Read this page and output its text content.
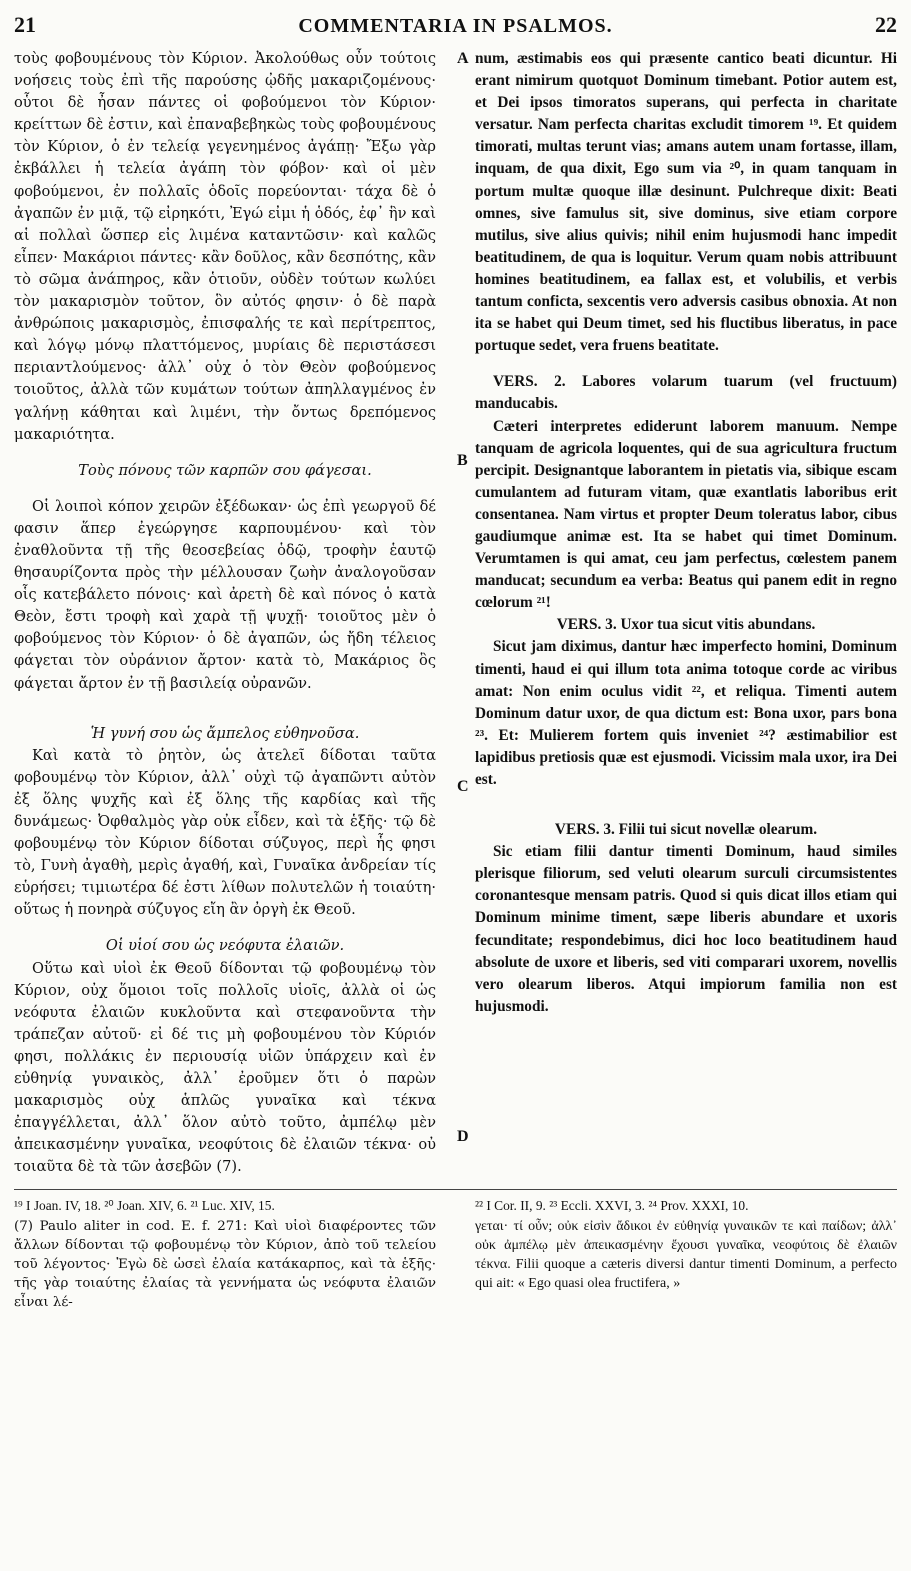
21	COMMENTARIA IN PSALMOS.	22
A
B
C
D

τοὺς φοβουμένους τὸν Κύριον. Ἀκολούθως οὖν τούτοις νοήσεις τοὺς ἐπὶ τῆς παρούσης ᾠδῆς μακαριζομένους· οὗτοι δὲ ἦσαν πάντες οἱ φοβούμενοι τὸν Κύριον· κρείττων δὲ ἐστιν, καὶ ἐπαναβεβηκὼς τοὺς φοβουμένους τὸν Κύριον, ὁ ἐν τελείᾳ γεγενημένος ἀγάπῃ· Ἔξω γὰρ ἐκβάλλει ἡ τελεία ἀγάπη τὸν φόβον· καὶ οἱ μὲν φοβούμενοι, ἐν πολλαῖς ὁδοῖς πορεύονται· τάχα δὲ ὁ ἀγαπῶν ἐν μιᾷ, τῷ εἰρηκότι, Ἐγώ εἰμι ἡ ὁδός, ἐφ᾽ ἣν καὶ αἱ πολλαὶ ὥσπερ εἰς λιμένα καταντῶσιν· καὶ καλῶς εἶπεν· Μακάριοι πάντες· κἂν δοῦλος, κἂν δεσπότης, κἂν τὸ σῶμα ἀνάπηρος, κἂν ὁτιοῦν, οὐδὲν τούτων κωλύει τὸν μακαρισμὸν τοῦτον, ὃν αὐτός φησιν· ὁ δὲ παρὰ ἀνθρώποις μακαρισμὸς, ἐπισφαλής τε καὶ περίτρεπτος, καὶ λόγῳ μόνῳ πλαττόμενος, μυρίαις δὲ περιστάσεσι περιαντλούμενος· ἀλλ᾽ οὐχ ὁ τὸν Θεὸν φοβούμενος τοιοῦτος, ἀλλὰ τῶν κυμάτων τούτων ἀπηλλαγμένος ἐν γαλήνῃ κάθηται καὶ λιμένι, τὴν ὄντως δρεπόμενος μακαριότητα.

Τοὺς πόνους τῶν καρπῶν σου φάγεσαι.

Οἱ λοιποὶ κόπον χειρῶν ἐξέδωκαν· ὡς ἐπὶ γεωργοῦ δέ φασιν ἅπερ ἐγεώργησε καρπουμένου· καὶ τὸν ἐναθλοῦντα τῇ τῆς θεοσεβείας ὁδῷ, τροφὴν ἑαυτῷ θησαυρίζοντα πρὸς τὴν μέλλουσαν ζωὴν ἀναλογοῦσαν οἷς κατεβάλετο πόνοις· καὶ ἀρετὴ δὲ καὶ πόνος ὁ κατὰ Θεὸν, ἔστι τροφὴ καὶ χαρὰ τῇ ψυχῇ· τοιοῦτος μὲν ὁ φοβούμενος τὸν Κύριον· ὁ δὲ ἀγαπῶν, ὡς ἤδη τέλειος φάγεται τὸν οὐράνιον ἄρτον· κατὰ τὸ, Μακάριος ὃς φάγεται ἄρτον ἐν τῇ βασιλείᾳ οὐρανῶν.

Ἡ γυνή σου ὡς ἄμπελος εὐθηνοῦσα.

Καὶ κατὰ τὸ ῥητὸν, ὡς ἀτελεῖ δίδοται ταῦτα φοβουμένῳ τὸν Κύριον, ἀλλ᾽ οὐχὶ τῷ ἀγαπῶντι αὐτὸν ἐξ ὅλης ψυχῆς καὶ ἐξ ὅλης τῆς καρδίας καὶ τῆς δυνάμεως· Ὀφθαλμὸς γὰρ οὐκ εἶδεν, καὶ τὰ ἑξῆς· τῷ δὲ φοβουμένῳ τὸν Κύριον δίδοται σύζυγος, περὶ ἧς φησι τὸ, Γυνὴ ἀγαθὴ, μερὶς ἀγαθή, καὶ, Γυναῖκα ἀνδρείαν τίς εὑρήσει; τιμιωτέρα δέ ἐστι λίθων πολυτελῶν ἡ τοιαύτη· οὕτως ἡ πονηρὰ σύζυγος εἴη ἂν ὀργὴ ἐκ Θεοῦ.

Οἱ υἱοί σου ὡς νεόφυτα ἐλαιῶν.

Οὕτω καὶ υἱοὶ ἐκ Θεοῦ δίδονται τῷ φοβουμένῳ τὸν Κύριον, οὐχ ὅμοιοι τοῖς πολλοῖς υἱοῖς, ἀλλὰ οἱ ὡς νεόφυτα ἐλαιῶν κυκλοῦντα καὶ στεφανοῦντα τὴν τράπεζαν αὐτοῦ· εἰ δέ τις μὴ φοβουμένου τὸν Κύριόν φησι, πολλάκις ἐν περιουσίᾳ υἱῶν ὑπάρχειν καὶ ἐν εὐθηνίᾳ γυναικὸς, ἀλλ᾽ ἐροῦμεν ὅτι ὁ παρὼν μακαρισμὸς οὐχ ἁπλῶς γυναῖκα καὶ τέκνα ἐπαγγέλλεται, ἀλλ᾽ ὅλον αὐτὸ τοῦτο, ἀμπέλῳ μὲν ἀπεικασμένην γυναῖκα, νεοφύτοις δὲ ἐλαιῶν τέκνα· οὐ τοιαῦτα δὲ τὰ τῶν ἀσεβῶν (7).

num, æstimabis eos qui præsente cantico beati dicuntur. Hi erant nimirum quotquot Dominum timebant. Potior autem est, et Dei ipsos timoratos superans, qui perfecta in charitate versatur. Nam perfecta charitas excludit timorem ¹⁹. Et quidem timorati, multas terunt vias; amans autem unam fortasse, illam, inquam, de qua dixit, Ego sum via ²⁰, in quam tanquam in portum multæ quoque illæ desinunt. Pulchreque dixit: Beati omnes, sive famulus sit, sive dominus, sive etiam corpore mutilus, sive alius quivis; nihil enim hujusmodi hanc impedit beatitudinem, de qua is loquitur. Verum quam nobis attribuunt homines beatitudinem, ea fallax est, et volubilis, et verbis tantum conficta, sexcentis vero adversis casibus obnoxia. At non ita se habet qui Deum timet, sed his fluctibus liberatus, in pace portuque sedet, vera fruens beatitate.

VERS. 2. Labores volarum tuarum (vel fructuum) manducabis.

Cæteri interpretes ediderunt laborem manuum. Nempe tanquam de agricola loquentes, qui de sua agricultura fructum percipit. Designantque laborantem in pietatis via, sibique escam cumulantem ad futuram vitam, quæ exantlatis laboribus erit consentanea. Nam virtus et propter Deum toleratus labor, cibus gaudiumque animæ est. Ita se habet qui timet Dominum. Verumtamen is qui amat, ceu jam perfectus, cœlestem panem manducat; secundum ea verba: Beatus qui panem edit in regno cœlorum ²¹!

VERS. 3. Uxor tua sicut vitis abundans.

Sicut jam diximus, dantur hæc imperfecto homini, Dominum timenti, haud ei qui illum tota anima totoque corde ac viribus amat: Non enim oculus vidit ²², et reliqua. Timenti autem Dominum datur uxor, de qua dictum est: Bona uxor, pars bona ²³. Et: Mulierem fortem quis inveniet ²⁴? æstimabilior est lapidibus pretiosis quæ est ejusmodi. Vicissim mala uxor, ira Dei est.

VERS. 3. Filii tui sicut novellæ olearum.

Sic etiam filii dantur timenti Dominum, haud similes plerisque filiorum, sed veluti olearum surculi circumsistentes coronantesque mensam patris. Quod si quis dicat illos etiam qui Dominum minime timent, sæpe liberis abundare et uxoris fecunditate; respondebimus, dici hoc loco beatitudinem haud absolute de uxore et liberis, sed viti comparari uxorem, novellis vero olearum liberos. Atqui impiorum familia non est hujusmodi.

¹⁹ I Joan. IV, 18. ²⁰ Joan. XIV, 6. ²¹ Luc. XIV, 15.	²² I Cor. II, 9. ²³ Eccli. XXVI, 3. ²⁴ Prov. XXXI, 10.
(7) Paulo aliter in cod. E. f. 271: Καὶ υἱοὶ διαφέροντες τῶν ἄλλων δίδονται τῷ φοβουμένῳ τὸν Κύριον, ἀπὸ τοῦ τελείου τοῦ λέγοντος· Ἐγὼ δὲ ὡσεὶ ἐλαία κατάκαρπος, καὶ τὰ ἑξῆς· τῆς γὰρ τοιαύτης ἐλαίας τὰ γεννήματα ὡς νεόφυτα ἐλαιῶν εἶναι λέ-
γεται· τί οὖν; οὐκ εἰσὶν ἄδικοι ἐν εὐθηνίᾳ γυναικῶν τε καὶ παίδων; ἀλλ᾽ οὐκ ἀμπέλῳ μὲν ἀπεικασμένην ἔχουσι γυναῖκα, νεοφύτοις δὲ ἐλαιῶν τέκνα. Filii quoque a cæteris diversi dantur timenti Dominum, a perfecto qui ait: « Ego quasi olea fructifera, »
